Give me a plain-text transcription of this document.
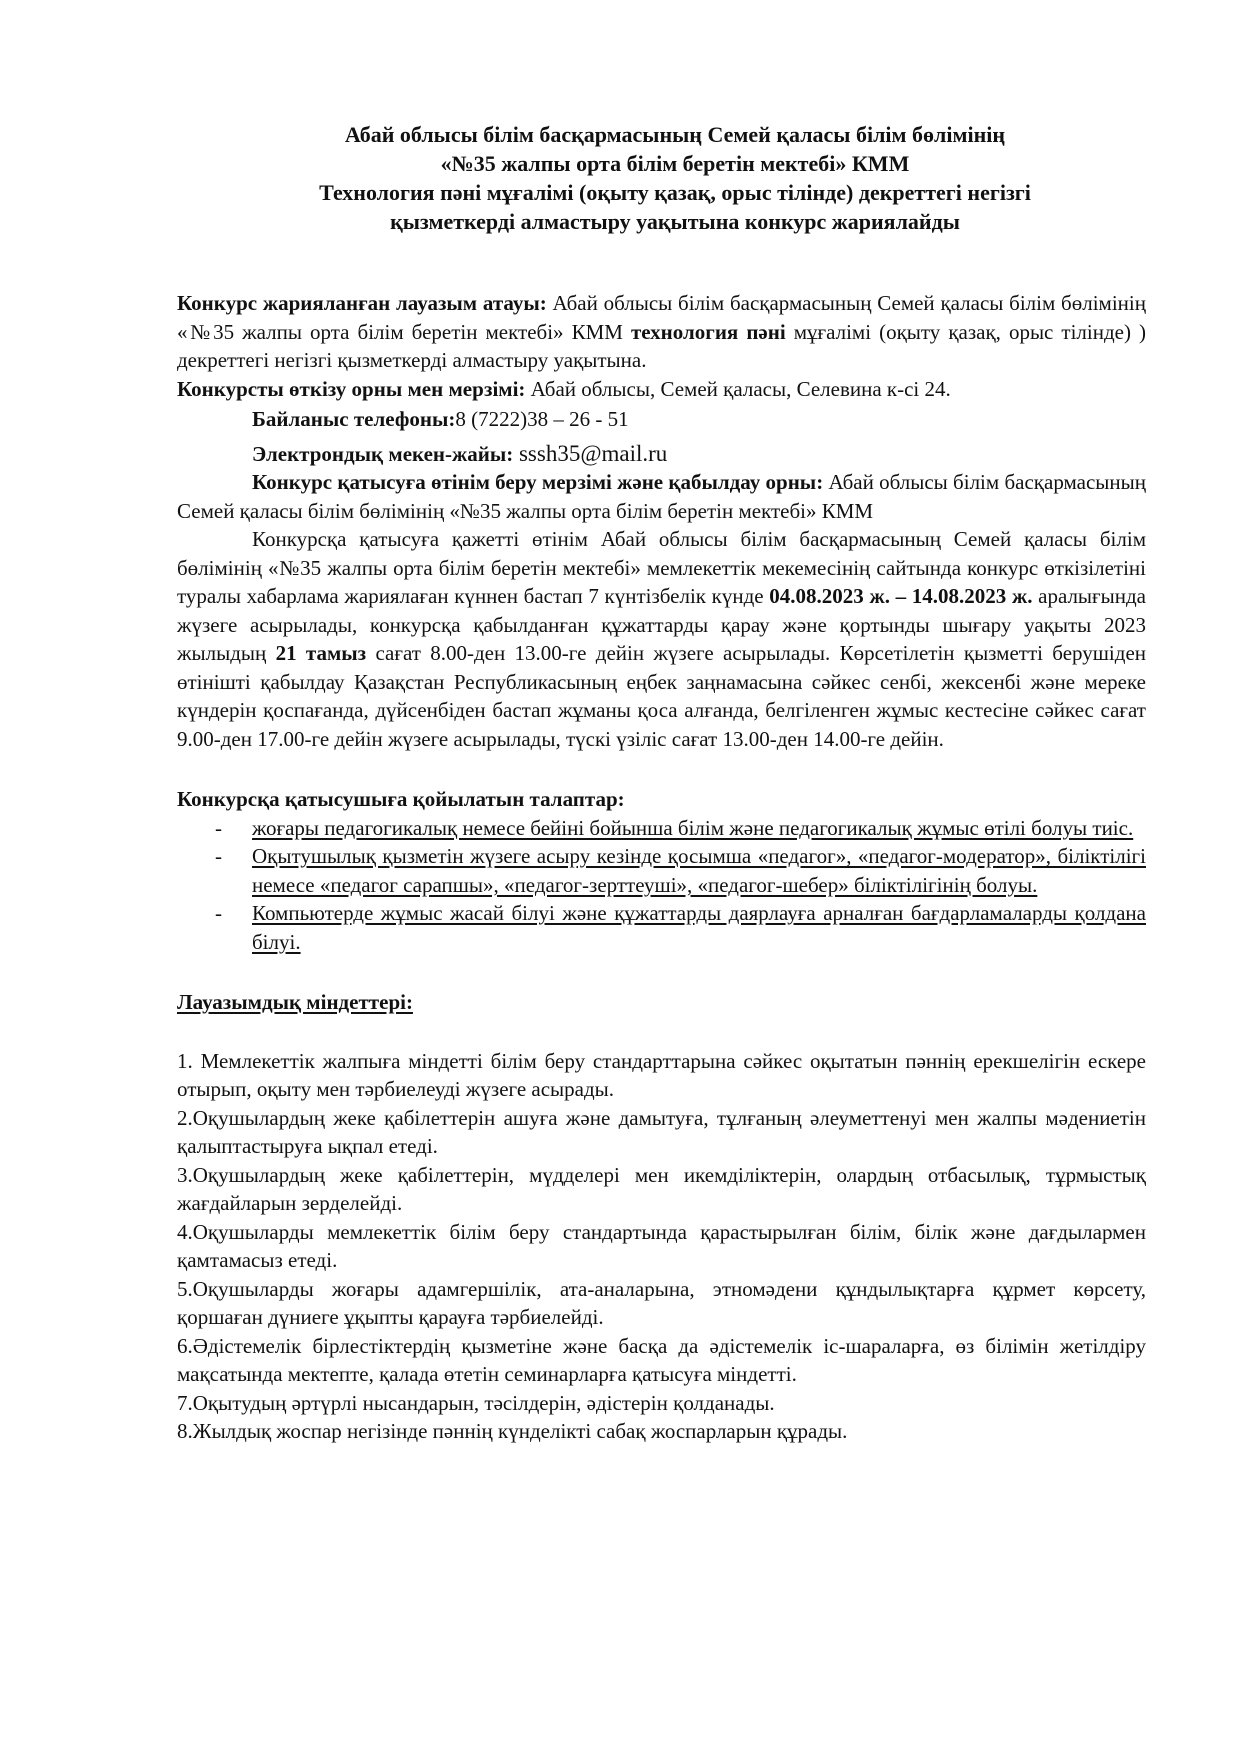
Абай облысы білім басқармасының Семей қаласы білім бөлімінің
«№35 жалпы орта білім беретін мектебі» КММ
Технология пәні мұғалімі (оқыту қазақ, орыс тілінде) декреттегі негізгі
қызметкерді алмастыру уақытына конкурс жариялайды

Конкурс жарияланған лауазым атауы: Абай облысы білім басқармасының Семей қаласы білім бөлімінің «№35 жалпы орта білім беретін мектебі» КММ технология пәні мұғалімі (оқыту қазақ, орыс тілінде) ) декреттегі негізгі қызметкерді алмастыру уақытына.

Конкурсты өткізу орны мен мерзімі: Абай облысы, Семей қаласы, Селевина к-сі 24.

Байланыс телефоны:8 (7222)38 – 26 - 51

Электрондық мекен-жайы: sssh35@mail.ru

Конкурс қатысуға өтінім беру мерзімі және қабылдау орны: Абай облысы білім басқармасының Семей қаласы білім бөлімінің «№35 жалпы орта білім беретін мектебі» КММ

Конкурсқа қатысуға қажетті өтінім Абай облысы білім басқармасының Семей қаласы білім бөлімінің «№35 жалпы орта білім беретін мектебі» мемлекеттік мекемесінің сайтында конкурс өткізілетіні туралы хабарлама жариялаған күннен бастап 7 күнтізбелік күнде 04.08.2023 ж. – 14.08.2023 ж. аралығында жүзеге асырылады, конкурсқа қабылданған құжаттарды қарау және қортынды шығару уақыты 2023 жылыдың 21 тамыз сағат 8.00-ден 13.00-ге дейін жүзеге асырылады. Көрсетілетін қызметті берушіден өтінішті қабылдау Қазақстан Республикасының еңбек заңнамасына сәйкес сенбі, жексенбі және мереке күндерін қоспағанда, дүйсенбіден бастап жұманы қоса алғанда, белгіленген жұмыс кестесіне сәйкес сағат 9.00-ден 17.00-ге дейін жүзеге асырылады, түскі үзіліс сағат 13.00-ден 14.00-ге дейін.

Конкурсқа қатысушыға қойылатын талаптар:

- жоғары педагогикалық немесе бейіні бойынша білім және педагогикалық жұмыс өтілі болуы тиіс.
- Оқытушылық қызметін жүзеге асыру кезінде қосымша «педагог», «педагог-модератор», біліктілігі немесе «педагог сарапшы», «педагог-зерттеуші», «педагог-шебер» біліктілігінің болуы.
- Компьютерде жұмыс жасай білуі және құжаттарды даярлауға арналған бағдарламаларды қолдана білуі.

Лауазымдық міндеттері:

1. Мемлекеттік жалпыға міндетті білім беру стандарттарына сәйкес оқытатын пәннің ерекшелігін ескере отырып, оқыту мен тәрбиелеуді жүзеге асырады.

2.Оқушылардың жеке қабілеттерін ашуға және дамытуға, тұлғаның әлеуметтенуі мен жалпы мәдениетін қалыптастыруға ықпал етеді.

3.Оқушылардың жеке қабілеттерін, мүдделері мен икемділіктерін, олардың отбасылық, тұрмыстық жағдайларын зерделейді.

4.Оқушыларды мемлекеттік білім беру стандартында қарастырылған білім, білік және дағдылармен қамтамасыз етеді.

5.Оқушыларды жоғары адамгершілік, ата-аналарына, этномәдени құндылықтарға құрмет көрсету, қоршаған дүниеге ұқыпты қарауға тәрбиелейді.

6.Әдістемелік бірлестіктердің қызметіне және басқа да әдістемелік іс-шараларға, өз білімін жетілдіру мақсатында мектепте, қалада өтетін семинарларға қатысуға міндетті.

7.Оқытудың әртүрлі нысандарын, тәсілдерін, әдістерін қолданады.

8.Жылдық жоспар негізінде пәннің күнделікті сабақ жоспарларын құрады.
